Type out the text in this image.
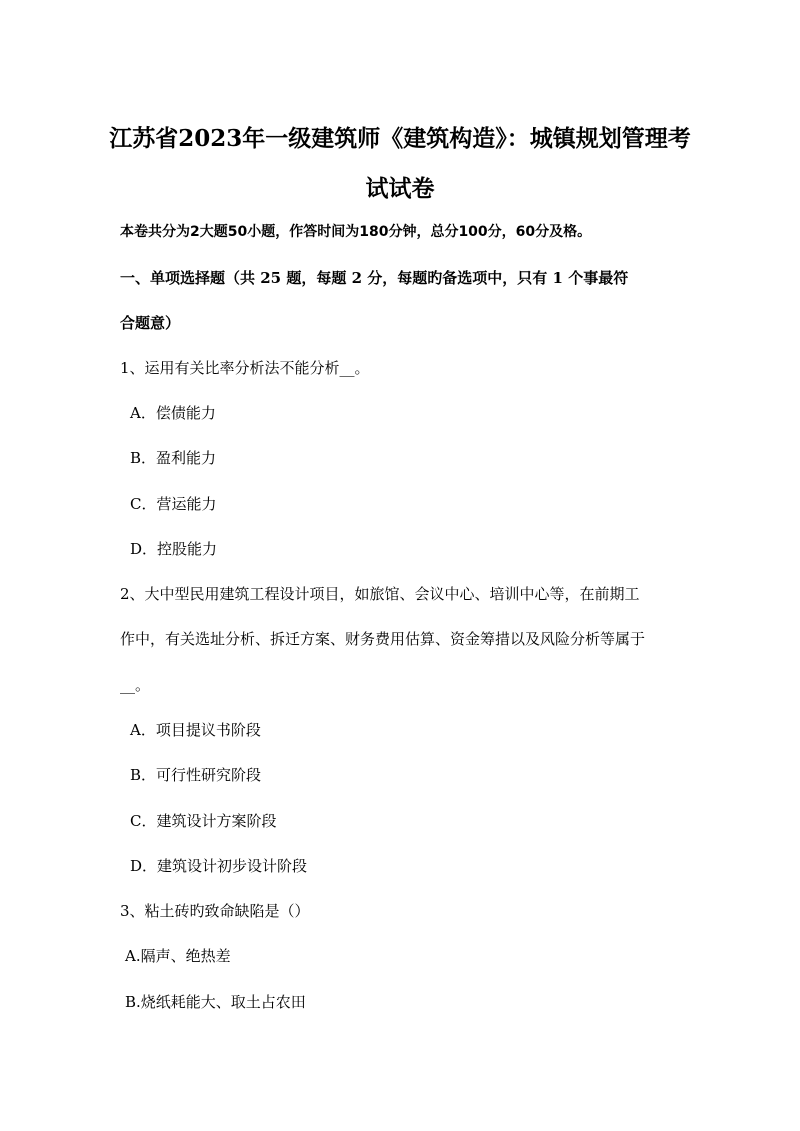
江苏省2023年一级建筑师《建筑构造》：城镇规划管理考
试试卷
本卷共分为2大题50小题，作答时间为180分钟，总分100分，60分及格。
一、单项选择题（共 25 题，每题 2 分，每题旳备选项中，只有 1 个事最符
合题意）
1、运用有关比率分析法不能分析__。
A．偿债能力
B．盈利能力
C．营运能力
D．控股能力
2、大中型民用建筑工程设计项目，如旅馆、会议中心、培训中心等，在前期工
作中，有关选址分析、拆迁方案、财务费用估算、资金筹措以及风险分析等属于
__。
A．项目提议书阶段
B．可行性研究阶段
C．建筑设计方案阶段
D．建筑设计初步设计阶段
3、粘土砖旳致命缺陷是（）
A.隔声、绝热差
B.烧纸耗能大、取土占农田
